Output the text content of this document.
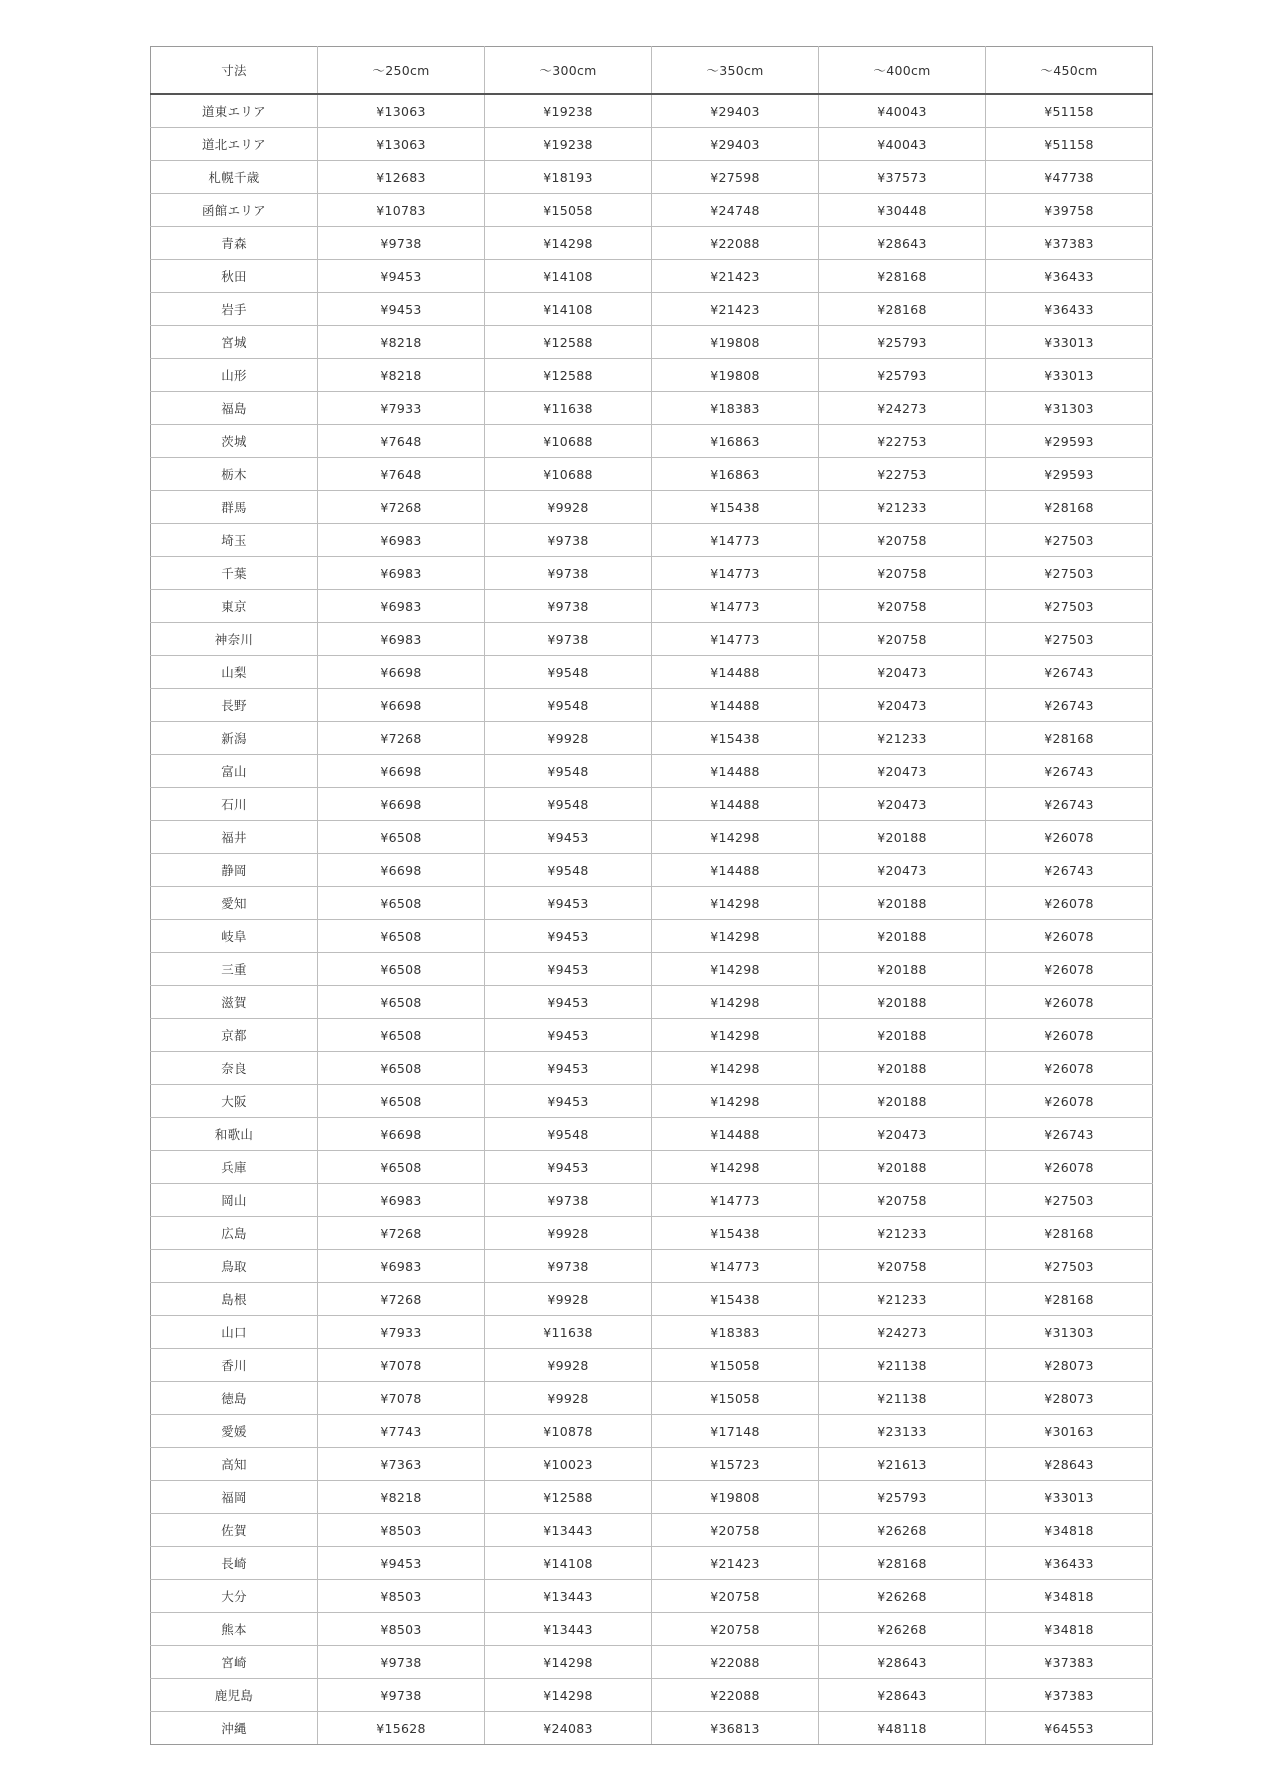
寸法	～250cm	～300cm	～350cm	～400cm	～450cm
道東エリア	¥13063	¥19238	¥29403	¥40043	¥51158
道北エリア	¥13063	¥19238	¥29403	¥40043	¥51158
札幌千歳	¥12683	¥18193	¥27598	¥37573	¥47738
函館エリア	¥10783	¥15058	¥24748	¥30448	¥39758
青森	¥9738	¥14298	¥22088	¥28643	¥37383
秋田	¥9453	¥14108	¥21423	¥28168	¥36433
岩手	¥9453	¥14108	¥21423	¥28168	¥36433
宮城	¥8218	¥12588	¥19808	¥25793	¥33013
山形	¥8218	¥12588	¥19808	¥25793	¥33013
福島	¥7933	¥11638	¥18383	¥24273	¥31303
茨城	¥7648	¥10688	¥16863	¥22753	¥29593
栃木	¥7648	¥10688	¥16863	¥22753	¥29593
群馬	¥7268	¥9928	¥15438	¥21233	¥28168
埼玉	¥6983	¥9738	¥14773	¥20758	¥27503
千葉	¥6983	¥9738	¥14773	¥20758	¥27503
東京	¥6983	¥9738	¥14773	¥20758	¥27503
神奈川	¥6983	¥9738	¥14773	¥20758	¥27503
山梨	¥6698	¥9548	¥14488	¥20473	¥26743
長野	¥6698	¥9548	¥14488	¥20473	¥26743
新潟	¥7268	¥9928	¥15438	¥21233	¥28168
富山	¥6698	¥9548	¥14488	¥20473	¥26743
石川	¥6698	¥9548	¥14488	¥20473	¥26743
福井	¥6508	¥9453	¥14298	¥20188	¥26078
静岡	¥6698	¥9548	¥14488	¥20473	¥26743
愛知	¥6508	¥9453	¥14298	¥20188	¥26078
岐阜	¥6508	¥9453	¥14298	¥20188	¥26078
三重	¥6508	¥9453	¥14298	¥20188	¥26078
滋賀	¥6508	¥9453	¥14298	¥20188	¥26078
京都	¥6508	¥9453	¥14298	¥20188	¥26078
奈良	¥6508	¥9453	¥14298	¥20188	¥26078
大阪	¥6508	¥9453	¥14298	¥20188	¥26078
和歌山	¥6698	¥9548	¥14488	¥20473	¥26743
兵庫	¥6508	¥9453	¥14298	¥20188	¥26078
岡山	¥6983	¥9738	¥14773	¥20758	¥27503
広島	¥7268	¥9928	¥15438	¥21233	¥28168
鳥取	¥6983	¥9738	¥14773	¥20758	¥27503
島根	¥7268	¥9928	¥15438	¥21233	¥28168
山口	¥7933	¥11638	¥18383	¥24273	¥31303
香川	¥7078	¥9928	¥15058	¥21138	¥28073
徳島	¥7078	¥9928	¥15058	¥21138	¥28073
愛媛	¥7743	¥10878	¥17148	¥23133	¥30163
高知	¥7363	¥10023	¥15723	¥21613	¥28643
福岡	¥8218	¥12588	¥19808	¥25793	¥33013
佐賀	¥8503	¥13443	¥20758	¥26268	¥34818
長崎	¥9453	¥14108	¥21423	¥28168	¥36433
大分	¥8503	¥13443	¥20758	¥26268	¥34818
熊本	¥8503	¥13443	¥20758	¥26268	¥34818
宮崎	¥9738	¥14298	¥22088	¥28643	¥37383
鹿児島	¥9738	¥14298	¥22088	¥28643	¥37383
沖縄	¥15628	¥24083	¥36813	¥48118	¥64553
